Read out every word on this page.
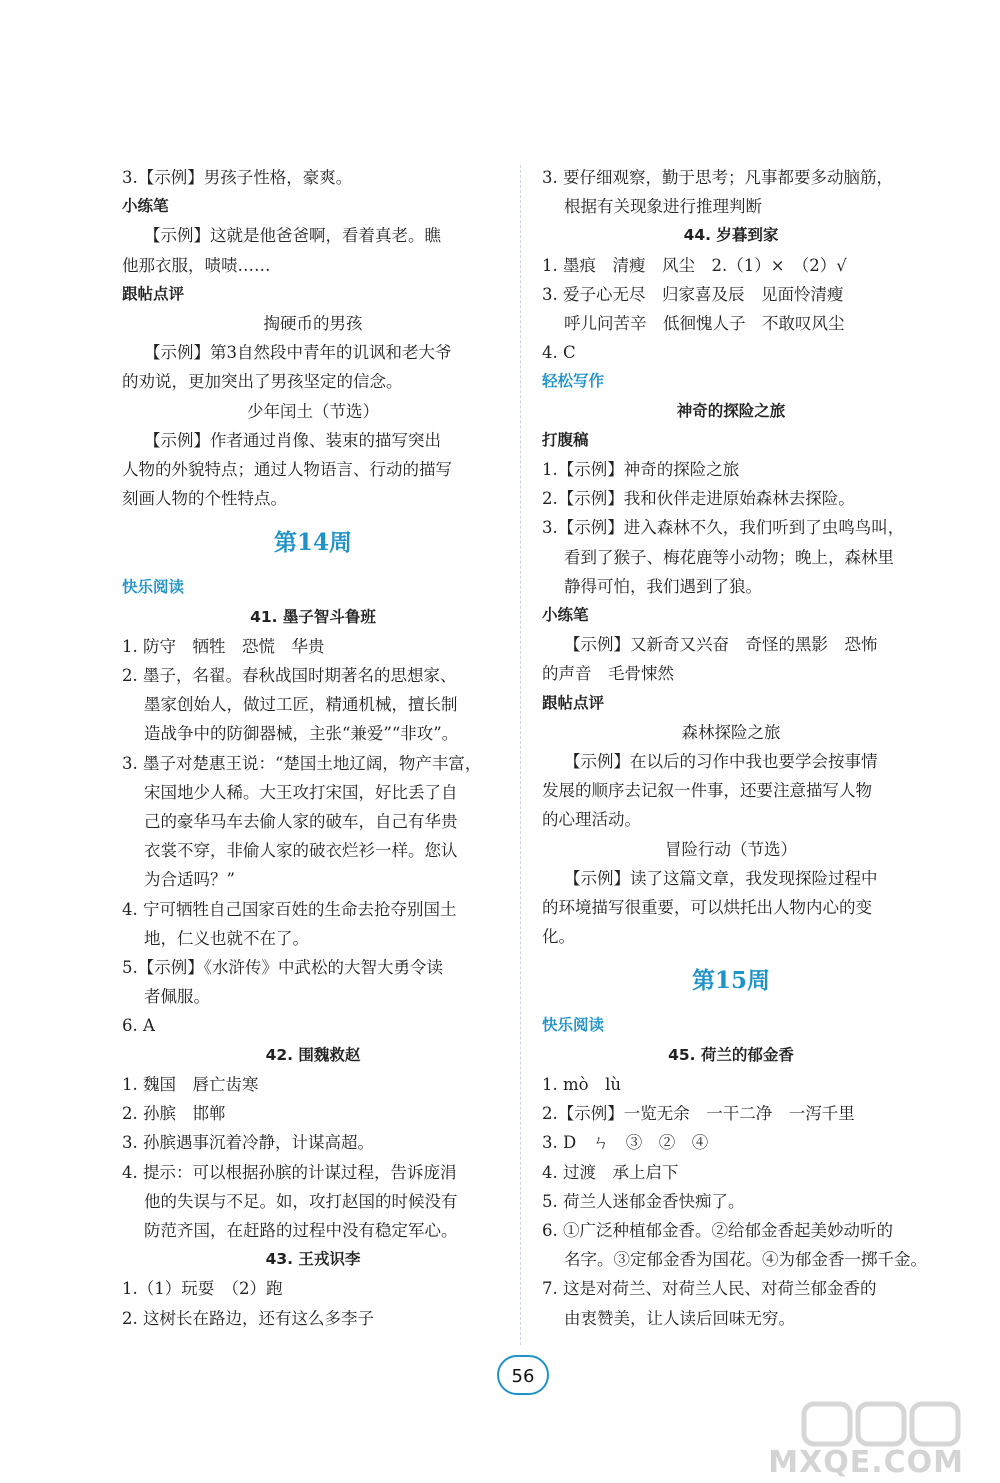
3.【示例】男孩子性格，豪爽。
小练笔
【示例】这就是他爸爸啊，看着真老。瞧
他那衣服，啧啧……
跟帖点评
掏硬币的男孩
【示例】第3自然段中青年的讥讽和老大爷
的劝说，更加突出了男孩坚定的信念。
少年闰土（节选）
【示例】作者通过肖像、装束的描写突出
人物的外貌特点；通过人物语言、行动的描写
刻画人物的个性特点。
第14周
快乐阅读
41. 墨子智斗鲁班
1. 防守　牺牲　恐慌　华贵
2. 墨子，名翟。春秋战国时期著名的思想家、
墨家创始人，做过工匠，精通机械，擅长制
造战争中的防御器械，主张“兼爱”“非攻”。
3. 墨子对楚惠王说：“楚国土地辽阔，物产丰富，
宋国地少人稀。大王攻打宋国，好比丢了自
己的豪华马车去偷人家的破车，自己有华贵
衣裳不穿，非偷人家的破衣烂衫一样。您认
为合适吗？”
4. 宁可牺牲自己国家百姓的生命去抢夺别国土
地，仁义也就不在了。
5.【示例】《水浒传》中武松的大智大勇令读
者佩服。
6. A
42. 围魏救赵
1. 魏国　唇亡齿寒
2. 孙膑　邯郸
3. 孙膑遇事沉着冷静，计谋高超。
4. 提示：可以根据孙膑的计谋过程，告诉庞涓
他的失误与不足。如，攻打赵国的时候没有
防范齐国，在赶路的过程中没有稳定军心。
43. 王戎识李
1.（1）玩耍　（2）跑
2. 这树长在路边，还有这么多李子
3. 要仔细观察，勤于思考；凡事都要多动脑筋，
根据有关现象进行推理判断
44. 岁暮到家
1. 墨痕　清瘦　风尘　2.（1）×　（2）√
3. 爱子心无尽　归家喜及辰　见面怜清瘦
呼儿问苦辛　低徊愧人子　不敢叹风尘
4. C
轻松写作
神奇的探险之旅
打腹稿
1.【示例】神奇的探险之旅
2.【示例】我和伙伴走进原始森林去探险。
3.【示例】进入森林不久，我们听到了虫鸣鸟叫，
看到了猴子、梅花鹿等小动物；晚上，森林里
静得可怕，我们遇到了狼。
小练笔
【示例】又新奇又兴奋　奇怪的黑影　恐怖
的声音　毛骨悚然
跟帖点评
森林探险之旅
【示例】在以后的习作中我也要学会按事情
发展的顺序去记叙一件事，还要注意描写人物
的心理活动。
冒险行动（节选）
【示例】读了这篇文章，我发现探险过程中
的环境描写很重要，可以烘托出人物内心的变
化。
第15周
快乐阅读
45. 荷兰的郁金香
1. mò　lù
2.【示例】一览无余　一干二净　一泻千里
3. D　ㄣ　③　②　④
4. 过渡　承上启下
5. 荷兰人迷郁金香快痴了。
6. ①广泛种植郁金香。②给郁金香起美妙动听的
名字。③定郁金香为国花。④为郁金香一掷千金。
7. 这是对荷兰、对荷兰人民、对荷兰郁金香的
由衷赞美，让人读后回味无穷。
56
MXQE.COM
